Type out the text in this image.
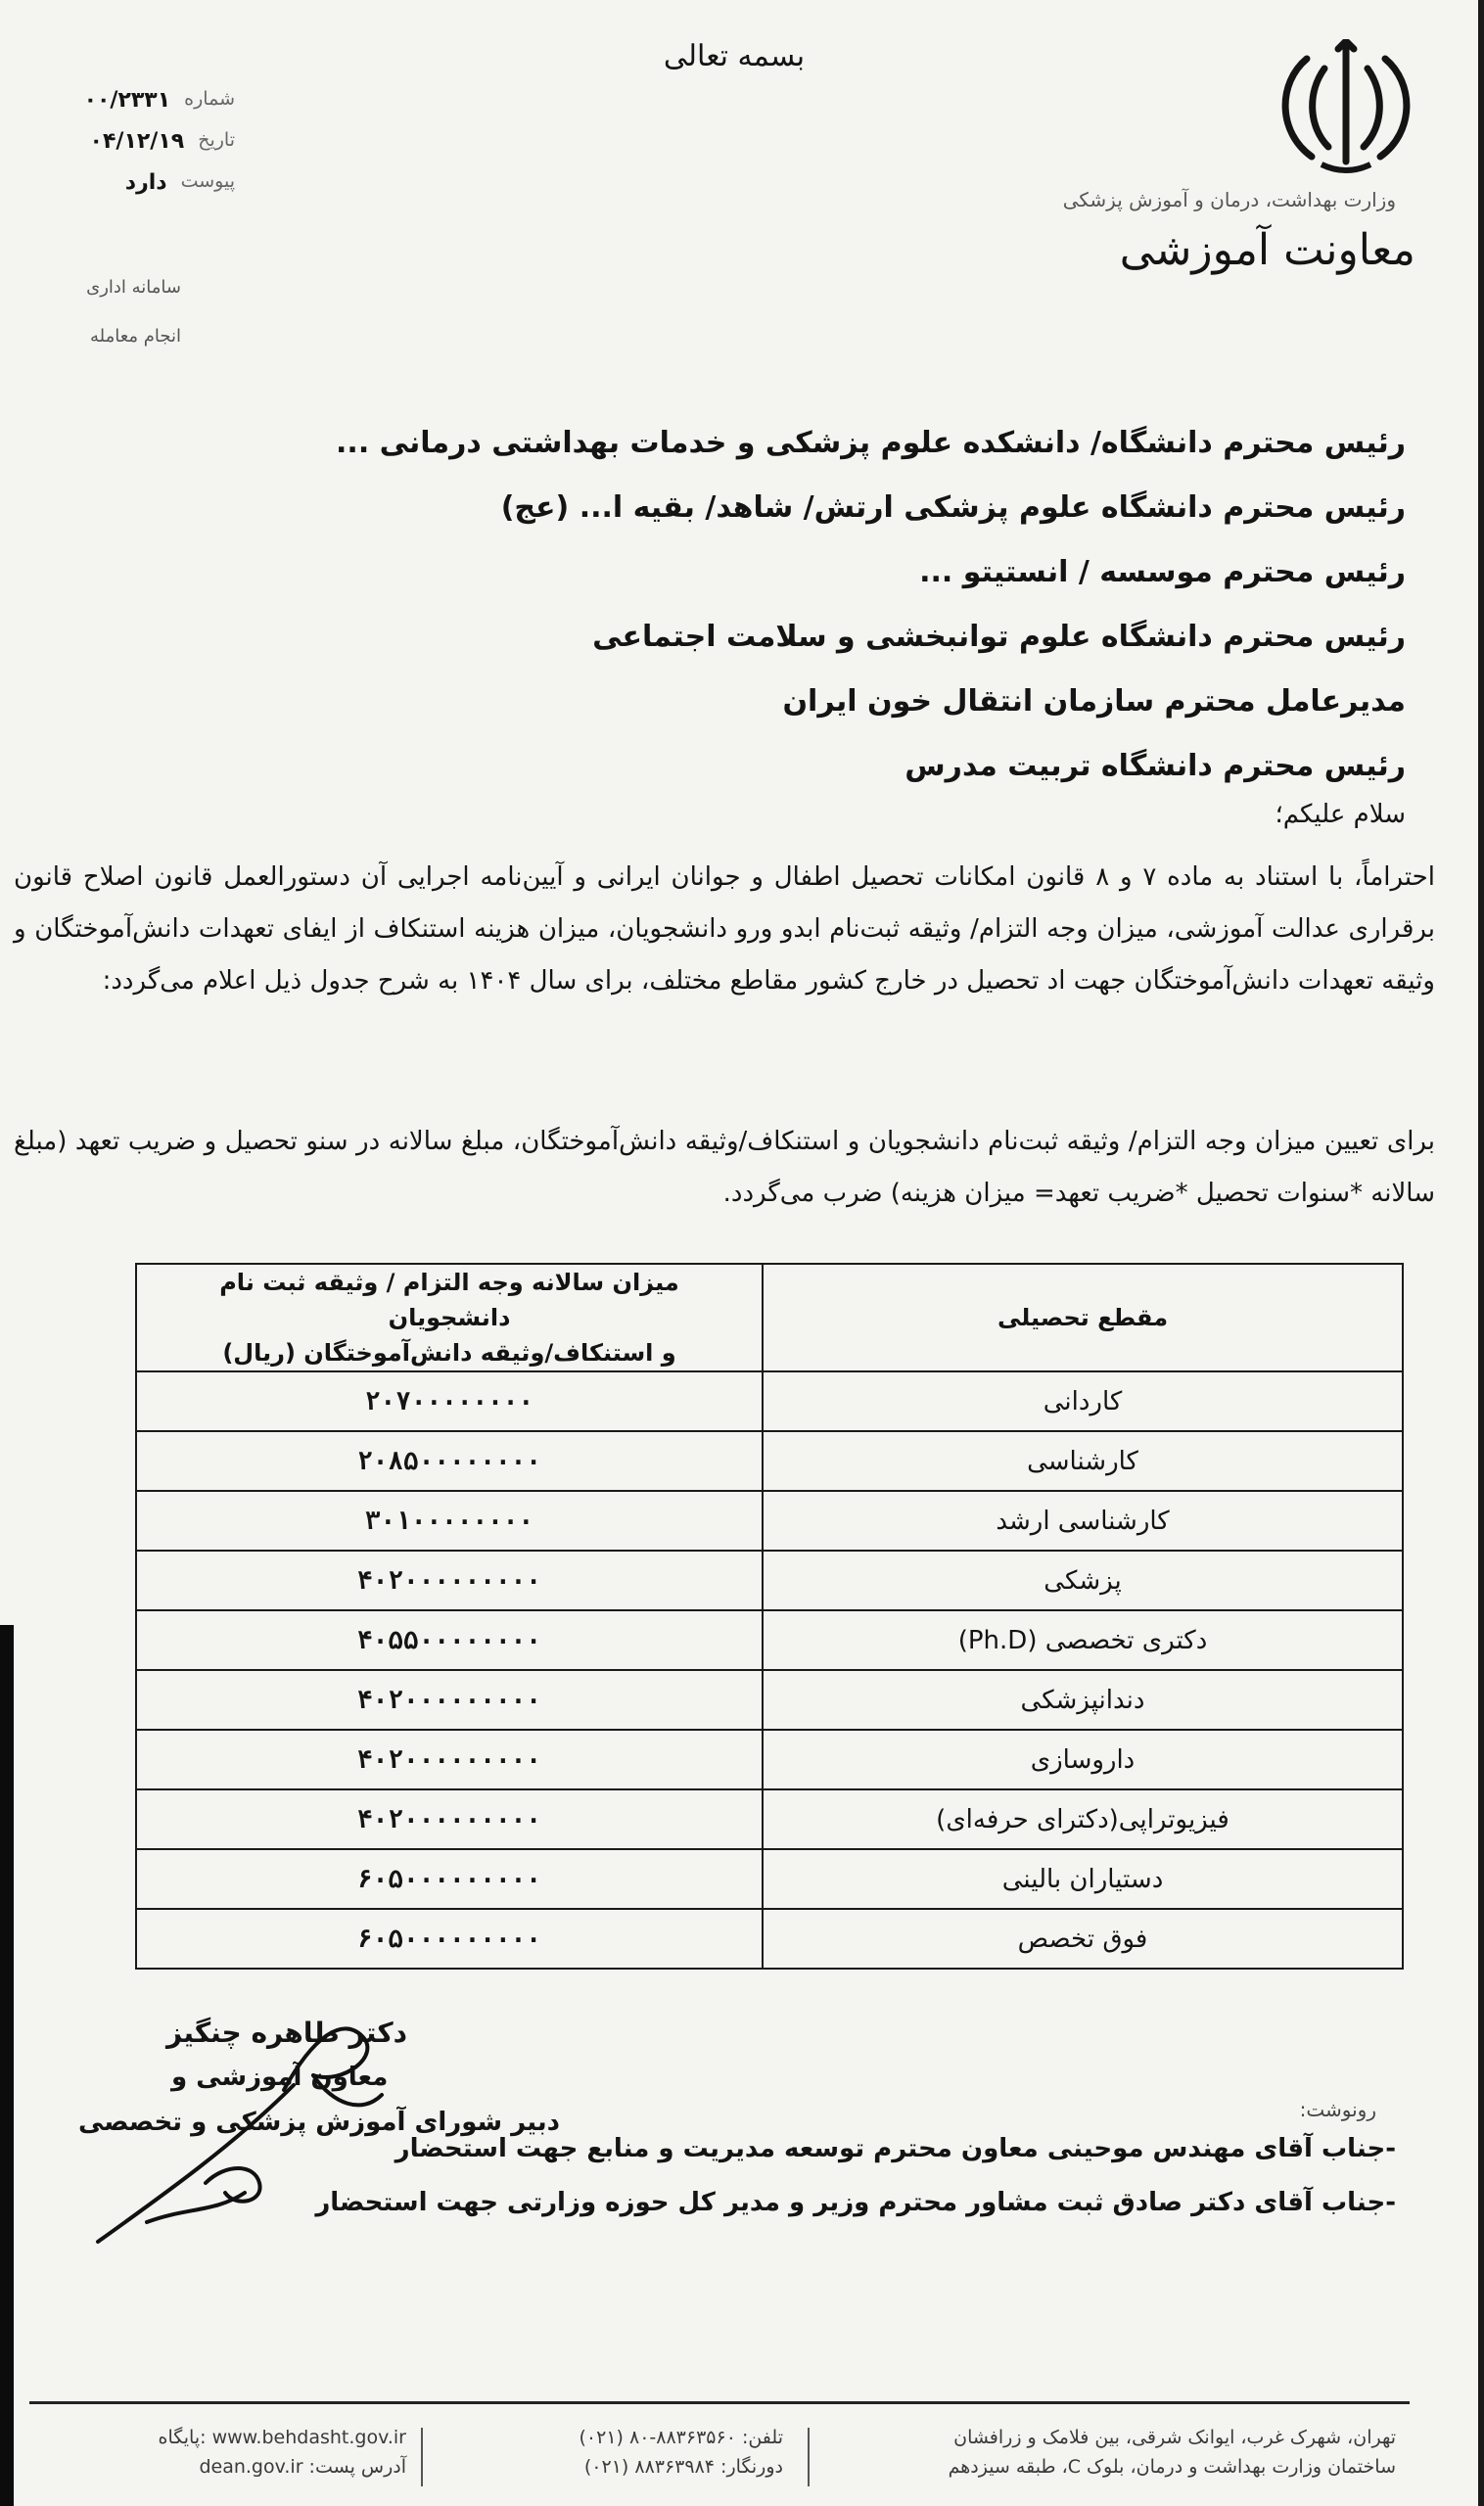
بسمه تعالی
وزارت بهداشت، درمان و آموزش پزشکی
معاونت آموزشی
شماره
۰۰/۲۳۳۱
تاریخ
۰۴/۱۲/۱۹
پیوست
دارد
سامانه اداری
انجام معامله
رئیس محترم دانشگاه/ دانشکده علوم پزشکی و خدمات بهداشتی درمانی ...
رئیس محترم دانشگاه علوم پزشکی ارتش/ شاهد/ بقیه ا... (عج)
رئیس محترم موسسه / انستیتو ...
رئیس محترم دانشگاه علوم توانبخشی و سلامت اجتماعی
مدیرعامل محترم سازمان انتقال خون ایران
رئیس محترم دانشگاه تربیت مدرس
سلام علیکم؛
احتراماً، با استناد به ماده ۷ و ۸ قانون امکانات تحصیل اطفال و جوانان ایرانی و آیین‌نامه اجرایی آن دستورالعمل قانون اصلاح قانون برقراری عدالت آموزشی، میزان وجه التزام/ وثیقه ثبت‌نام ابدو ورو دانشجویان، میزان هزینه استنکاف از ایفای تعهدات دانش‌آموختگان و وثیقه تعهدات دانش‌آموختگان جهت اد تحصیل در خارج کشور مقاطع مختلف، برای سال ۱۴۰۴ به شرح جدول ذیل اعلام می‌گردد:
برای تعیین میزان وجه التزام/ وثیقه ثبت‌نام دانشجویان و استنکاف/وثیقه دانش‌آموختگان، مبلغ سالانه در سنو تحصیل و ضریب تعهد (مبلغ سالانه *سنوات تحصیل *ضریب تعهد= میزان هزینه) ضرب می‌گردد.
مقطع تحصیلی	میزان سالانه وجه التزام / وثیقه ثبت نام دانشجویان
و استنکاف/وثیقه دانش‌آموختگان (ریال)

کاردانی	۲۰۷۰۰۰۰۰۰۰۰
کارشناسی	۲۰۸۵۰۰۰۰۰۰۰۰
کارشناسی ارشد	۳۰۱۰۰۰۰۰۰۰۰
پزشکی	۴۰۲۰۰۰۰۰۰۰۰۰
دکتری تخصصی (Ph.D)	۴۰۵۵۰۰۰۰۰۰۰۰
دندانپزشکی	۴۰۲۰۰۰۰۰۰۰۰۰
داروسازی	۴۰۲۰۰۰۰۰۰۰۰۰
فیزیوتراپی(دکترای حرفه‌ای)	۴۰۲۰۰۰۰۰۰۰۰۰
دستیاران بالینی	۶۰۵۰۰۰۰۰۰۰۰۰
فوق تخصص	۶۰۵۰۰۰۰۰۰۰۰۰
دکتر طاهره چنگیز
معاون آموزشی و
دبیر شورای آموزش پزشکی و تخصصی	رونوشت:
-جناب آقای مهندس موحینی معاون محترم توسعه مدیریت و منابع جهت استحضار
-جناب آقای دکتر صادق ثبت مشاور محترم وزیر و مدیر کل حوزه وزارتی جهت استحضار
تهران، شهرک غرب، ایوانک شرقی، بین فلامک و زرافشان
ساختمان وزارت بهداشت و درمان، بلوک C، طبقه سیزدهم
تلفن: ۸۸۳۶۳۵۶۰-۸۰ (۰۲۱)
دورنگار: ۸۸۳۶۳۹۸۴ (۰۲۱)
www.behdasht.gov.ir :پایگاه
آدرس پست: dean.gov.ir
